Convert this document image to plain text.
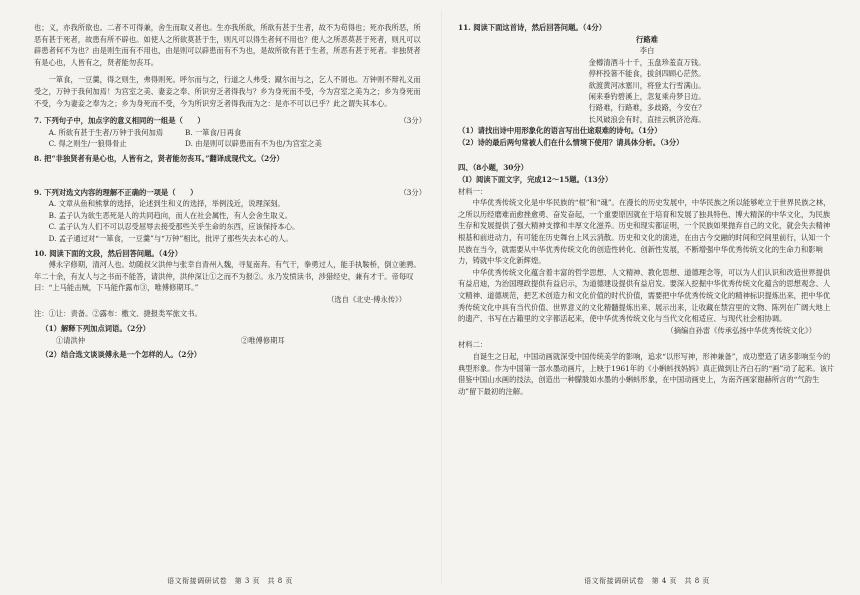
也；义，亦我所欲也。二者不可得兼，舍生而取义者也。生亦我所欲，所欲有甚于生者，故不为苟得也；死亦我所恶，所恶有甚于死者，故患有所不辟也。如使人之所欲莫甚于生，则凡可以得生者何不用也？使人之所恶莫甚于死者，则凡可以辟患者何不为也？由是则生而有不用也，由是则可以辟患而有不为也，是故所欲有甚于生者，所恶有甚于死者。非独贤者有是心也，人皆有之，贤者能勿丧耳。

一箪食，一豆羹，得之则生，弗得则死。呼尔而与之，行道之人弗受；蹴尔而与之，乞人不屑也。万钟则不辩礼义而受之，万钟于我何加焉！为宫室之美、妻妾之奉、所识穷乏者得我与？乡为身死而不受，今为宫室之美为之；乡为身死而不受，今为妻妾之奉为之；乡为身死而不受，今为所识穷乏者得我而为之：是亦不可以已乎？此之谓失其本心。

7. 下列句子中，加点字的意义相同的一组是（　　）	（3分）

A. 所欲有甚于生者/万钟于我何加焉　　　B. 一箪食/日再食

C. 得之则生/一狼得骨止　　　　　　　　D. 由是则可以辟患而有不为也/为宫室之美

8. 把“非独贤者有是心也，人皆有之，贤者能勿丧耳。”翻译成现代文。（2分）

9. 下列对选文内容的理解不正确的一项是（　　）	（3分）

A. 文章从鱼和熊掌的选择，论述到生和义的选择，举例浅近，说理深刻。

B. 孟子认为欲生恶死是人的共同趋向，而人在社会属性，有人会舍生取义。

C. 孟子认为人们不可以忍受屈辱去接受那些关乎生命的东西，应该保持本心。

D. 孟子通过对“一箪食，一豆羹”与“万钟”相比，批评了那些失去本心的人。

10. 阅读下面的文段，然后回答问题。（4分）

傅永字修期，清河人也。幼随叔父洪仲与张幸自青州入魏，寻复南奔。有气干，拳勇过人，能手执鞍桥，倒立驰骋。年二十余，有友人与之书而不能答，请洪仲，洪仲深让①之而不为报②。永乃发愤读书，涉猎经史，兼有才干。帝每叹曰：“上马能击贼，下马能作露布③，唯傅修期耳。”

（选自《北史·傅永传》）

注：①让：责备。②露布：檄文、捷报类军旅文书。

（1）解释下列加点词语。（2分）

①请洪仲	②唯傅修期耳

（2）结合选文谈谈傅永是一个怎样的人。（2分）

语文衔接调研试卷　第 3 页　共 8 页

11. 阅读下面这首诗，然后回答问题。（4分）

行路难

李白

金樽清酒斗十千，玉盘珍羞直万钱。

停杯投箸不能食，拔剑四顾心茫然。

欲渡黄河冰塞川，将登太行雪满山。

闲来垂钓碧溪上，忽复乘舟梦日边。

行路难，行路难，多歧路，今安在？

长风破浪会有时，直挂云帆济沧海。

（1）请找出诗中用形象化的语言写出仕途艰难的诗句。（1分）

（2）诗的最后两句常被人们在什么情境下使用？请具体分析。（3分）

四、（8小题，30分）

（Ⅰ）阅读下面文字，完成12～15题。（13分）

材料一：

中华优秀传统文化是中华民族的“根”和“魂”。在漫长的历史发展中，中华民族之所以能够屹立于世界民族之林，之所以历经磨难而愈挫愈勇、奋发奋起，一个重要原因就在于培育和发展了独具特色、博大精深的中华文化，为民族生存和发展提供了强大精神支撑和丰厚文化滋养。历史和现实都证明，一个民族如果抛弃自己的文化，就会失去精神根基和前进动力，有可能在历史舞台上风云消散。历史和文化的演进，在由古今交融的时间和空间里前行，认知一个民族在当今，就需要从中华优秀传统文化的创造性转化、创新性发展，不断增强中华优秀传统文化的生命力和影响力，铸就中华文化新辉煌。

中华优秀传统文化蕴含着丰富的哲学思想、人文精神、教化思想、道德理念等，可以为人们认识和改造世界提供有益启迪，为治国理政提供有益启示，为道德建设提供有益启发。要深入挖掘中华优秀传统文化蕴含的思想观念、人文精神、道德规范，把艺术创造力和文化价值的时代价值，需要把中华优秀传统文化的精神标识提炼出来，把中华优秀传统文化中具有当代价值、世界意义的文化精髓提炼出来、展示出来，让收藏在禁宫里的文物、陈列在广阔大地上的遗产、书写在古籍里的文字都活起来，使中华优秀传统文化与当代文化相适应、与现代社会相协调。

（摘编自孙雷《传承弘扬中华优秀传统文化》）

材料二：

自诞生之日起，中国动画就深受中国传统美学的影响，追求“以形写神，形神兼备”，成功塑造了诸多影响至今的典型形象。作为中国第一部水墨动画片，上映于1961年的《小蝌蚪找妈妈》真正做到让齐白石的“画”动了起来。该片借鉴中国山水画的技法，创造出一种朦胧如水墨的小蝌蚪形象，在中国动画史上，为南齐画家谢赫所言的“气韵生动”留下最初的注解。

语文衔接调研试卷　第 4 页　共 8 页
